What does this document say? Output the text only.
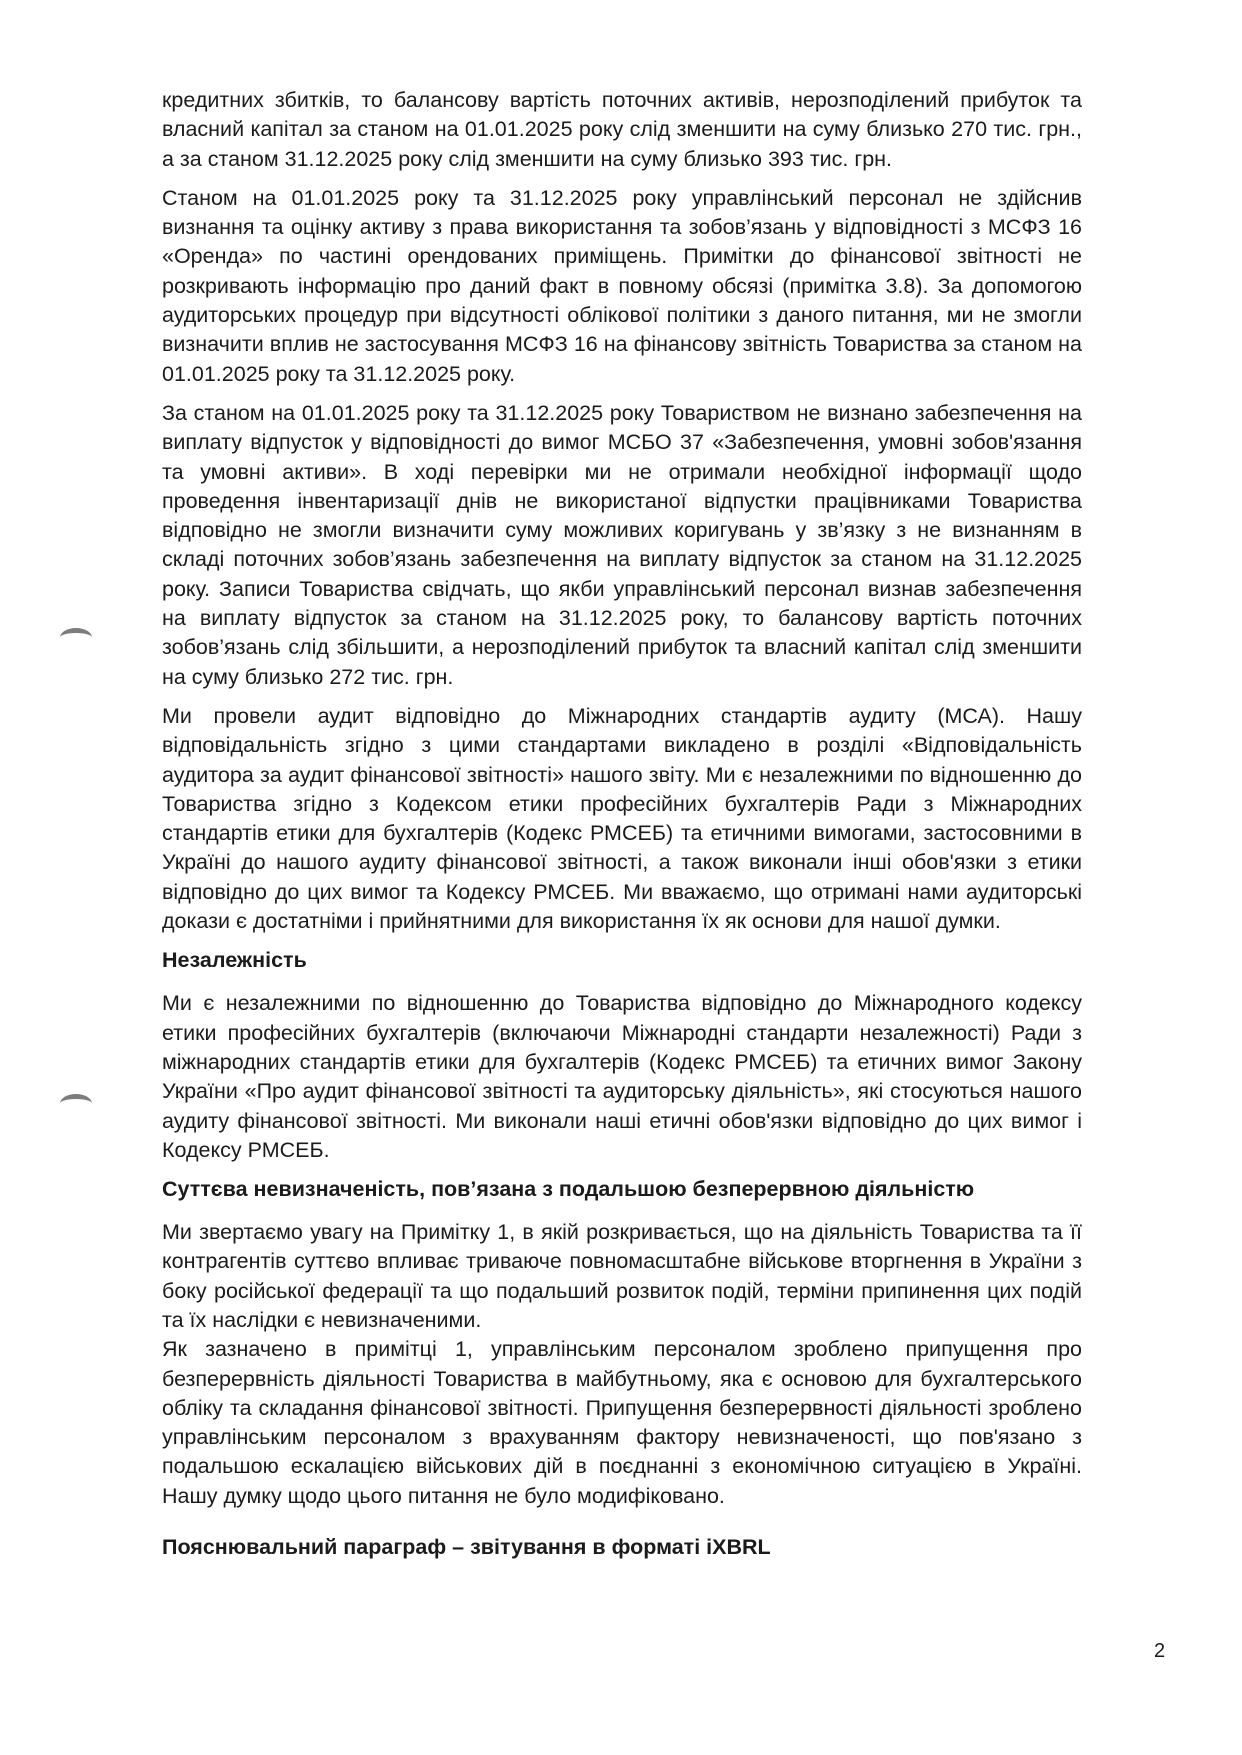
кредитних збитків, то балансову вартість поточних активів, нерозподілений прибуток та власний капітал за станом на 01.01.2025 року слід зменшити на суму близько 270 тис. грн., а за станом 31.12.2025 року слід зменшити на суму близько 393 тис. грн.

Станом на 01.01.2025 року та 31.12.2025 року управлінський персонал не здійснив визнання та оцінку активу з права використання та зобов’язань у відповідності з МСФЗ 16 «Оренда» по частині орендованих приміщень. Примітки до фінансової звітності не розкривають інформацію про даний факт в повному обсязі (примітка 3.8). За допомогою аудиторських процедур при відсутності облікової політики з даного питання, ми не змогли визначити вплив не застосування МСФЗ 16 на фінансову звітність Товариства за станом на 01.01.2025 року та 31.12.2025 року.

За станом на 01.01.2025 року та 31.12.2025 року Товариством не визнано забезпечення на виплату відпусток у відповідності до вимог МСБО 37 «Забезпечення, умовні зобов'язання та умовні активи». В ході перевірки ми не отримали необхідної інформації щодо проведення інвентаризації днів не використаної відпустки працівниками Товариства відповідно не змогли визначити суму можливих коригувань у зв’язку з не визнанням в складі поточних зобов’язань забезпечення на виплату відпусток за станом на 31.12.2025 року. Записи Товариства свідчать, що якби управлінський персонал визнав забезпечення на виплату відпусток за станом на 31.12.2025 року, то балансову вартість поточних зобов’язань слід збільшити, а нерозподілений прибуток та власний капітал слід зменшити на суму близько 272 тис. грн.

Ми провели аудит відповідно до Міжнародних стандартів аудиту (МСА). Нашу відповідальність згідно з цими стандартами викладено в розділі «Відповідальність аудитора за аудит фінансової звітності» нашого звіту. Ми є незалежними по відношенню до Товариства згідно з Кодексом етики професійних бухгалтерів Ради з Міжнародних стандартів етики для бухгалтерів (Кодекс РМСЕБ) та етичними вимогами, застосовними в Україні до нашого аудиту фінансової звітності, а також виконали інші обов'язки з етики відповідно до цих вимог та Кодексу РМСЕБ. Ми вважаємо, що отримані нами аудиторські докази є достатніми і прийнятними для використання їх як основи для нашої думки.

Незалежність

Ми є незалежними по відношенню до Товариства відповідно до Міжнародного кодексу етики професійних бухгалтерів (включаючи Міжнародні стандарти незалежності) Ради з міжнародних стандартів етики для бухгалтерів (Кодекс РМСЕБ) та етичних вимог Закону України «Про аудит фінансової звітності та аудиторську діяльність», які стосуються нашого аудиту фінансової звітності. Ми виконали наші етичні обов'язки відповідно до цих вимог і Кодексу РМСЕБ.

Суттєва невизначеність, пов’язана з подальшою безперервною діяльністю

Ми звертаємо увагу на Примітку 1, в якій розкривається, що на діяльність Товариства та її контрагентів суттєво впливає триваюче повномасштабне військове вторгнення в України з боку російської федерації та що подальший розвиток подій, терміни припинення цих подій та їх наслідки є невизначеними.

Як зазначено в примітці 1, управлінським персоналом зроблено припущення про безперервність діяльності Товариства в майбутньому, яка є основою для бухгалтерського обліку та складання фінансової звітності. Припущення безперервності діяльності зроблено управлінським персоналом з врахуванням фактору невизначеності, що пов'язано з подальшою ескалацією військових дій в поєднанні з економічною ситуацією в Україні. Нашу думку щодо цього питання не було модифіковано.

Пояснювальний параграф – звітування в форматі iXBRL
2
